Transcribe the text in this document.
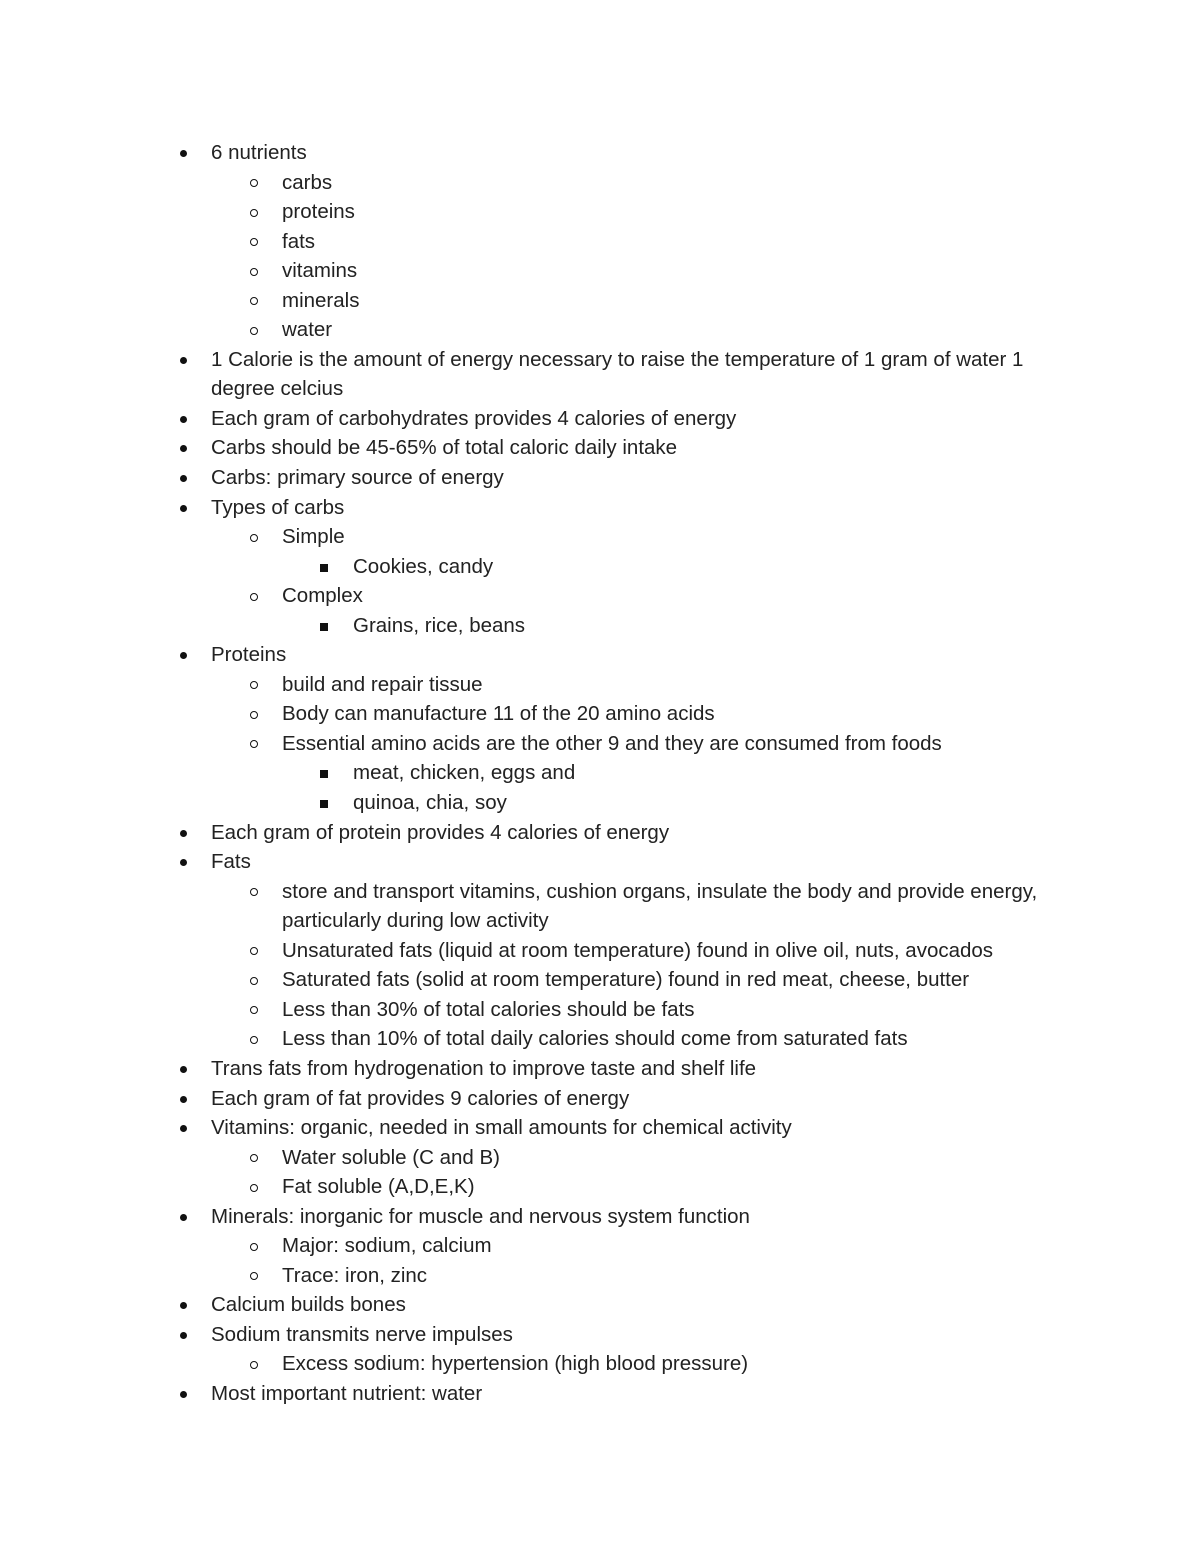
6 nutrients
carbs
proteins
fats
vitamins
minerals
water
1 Calorie is the amount of energy necessary to raise the temperature of 1 gram of water 1 degree celcius
Each gram of carbohydrates provides 4 calories of energy
Carbs should be 45-65% of total caloric daily intake
Carbs: primary source of energy
Types of carbs
Simple
Cookies, candy
Complex
Grains, rice, beans
Proteins
build and repair tissue
Body can manufacture 11 of the 20 amino acids
Essential amino acids are the other 9 and they are consumed from foods
meat, chicken, eggs and
quinoa, chia, soy
Each gram of protein provides 4 calories of energy
Fats
store and transport vitamins, cushion organs, insulate the body and provide energy, particularly during low activity
Unsaturated fats (liquid at room temperature) found in olive oil, nuts, avocados
Saturated fats (solid at room temperature) found in red meat, cheese, butter
Less than 30% of total calories should be fats
Less than 10% of total daily calories should come from saturated fats
Trans fats from hydrogenation to improve taste and shelf life
Each gram of fat provides 9 calories of energy
Vitamins: organic, needed in small amounts for chemical activity
Water soluble (C and B)
Fat soluble (A,D,E,K)
Minerals: inorganic for muscle and nervous system function
Major: sodium, calcium
Trace: iron, zinc
Calcium builds bones
Sodium transmits nerve impulses
Excess sodium: hypertension (high blood pressure)
Most important nutrient: water
